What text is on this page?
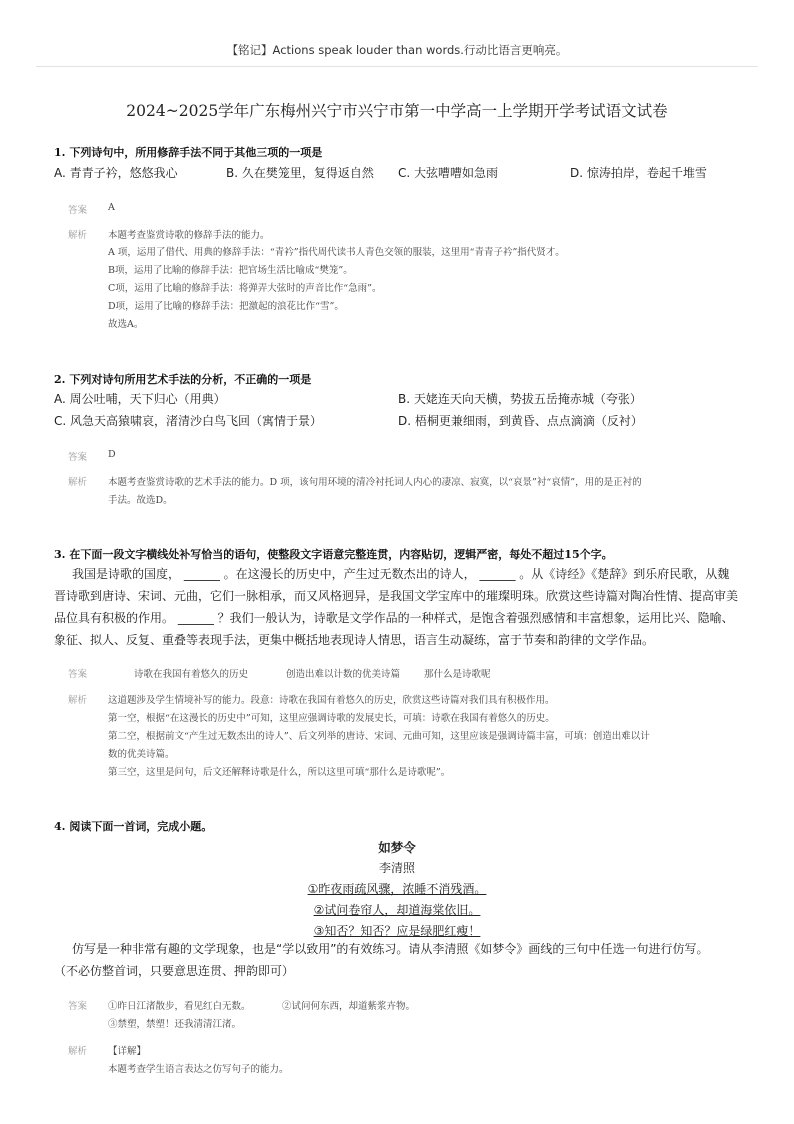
【铭记】Actions speak louder than words.行动比语言更响亮。
2024~2025学年广东梅州兴宁市兴宁市第一中学高一上学期开学考试语文试卷
1. 下列诗句中，所用修辞手法不同于其他三项的一项是
A. 青青子衿，悠悠我心	B. 久在樊笼里，复得返自然 C. 大弦嘈嘈如急雨	D. 惊涛拍岸，卷起千堆雪
答案 A
解析 本题考查鉴赏诗歌的修辞手法的能力。
A 项，运用了借代、用典的修辞手法：“青衿”指代周代读书人青色交领的服装，这里用“青青子衿”指代贤才。
B项，运用了比喻的修辞手法：把官场生活比喻成“樊笼”。
C项，运用了比喻的修辞手法：将弹弄大弦时的声音比作“急雨”。
D项，运用了比喻的修辞手法：把激起的浪花比作“雪”。
故选A。
2. 下列对诗句所用艺术手法的分析，不正确的一项是
A. 周公吐哺，天下归心（用典）	B. 天姥连天向天横，势拔五岳掩赤城（夸张）
C. 风急天高猿啸哀，渚清沙白鸟飞回（寓情于景）	D. 梧桐更兼细雨，到黄昏、点点滴滴（反衬）
答案 D
解析 本题考查鉴赏诗歌的艺术手法的能力。D 项，该句用环境的清冷衬托词人内心的凄凉、寂寞，以“哀景”衬“哀情”，用的是正衬的
手法。故选D。
3. 在下面一段文字横线处补写恰当的语句，使整段文字语意完整连贯，内容贴切，逻辑严密，每处不超过15个字。
我国是诗歌的国度， ______ 。在这漫长的历史中，产生过无数杰出的诗人， ______ 。从《诗经》《楚辞》到乐府民歌，从魏
晋诗歌到唐诗、宋词、元曲，它们一脉相承，而又风格迥异，是我国文学宝库中的璀璨明珠。欣赏这些诗篇对陶冶性情、提高审美
品位具有积极的作用。 ______ ？我们一般认为，诗歌是文学作品的一种样式，是饱含着强烈感情和丰富想象，运用比兴、隐喻、
象征、拟人、反复、重叠等表现手法，更集中概括地表现诗人情思，语言生动凝练，富于节奏和韵律的文学作品。
答案	诗歌在我国有着悠久的历史	创造出难以计数的优美诗篇	那什么是诗歌呢
解析 这道题涉及学生情境补写的能力。段意：诗歌在我国有着悠久的历史，欣赏这些诗篇对我们具有积极作用。
第一空，根据“在这漫长的历史中”可知，这里应强调诗歌的发展史长，可填：诗歌在我国有着悠久的历史。
第二空，根据前文“产生过无数杰出的诗人”、后文列举的唐诗、宋词、元曲可知，这里应该是强调诗篇丰富，可填：创造出难以计
数的优美诗篇。
第三空，这里是问句，后文还解释诗歌是什么，所以这里可填“那什么是诗歌呢”。
4. 阅读下面一首词，完成小题。
如梦令
李清照
①昨夜雨疏风骤，浓睡不消残酒。
②试问卷帘人，却道海棠依旧。
③知否？知否？应是绿肥红瘦！
仿写是一种非常有趣的文学现象，也是“学以致用”的有效练习。请从李清照《如梦令》画线的三句中任选一句进行仿写。
（不必仿整首词，只要意思连贯、押韵即可）
答案 ①昨日江渚散步，看见红白无数。	②试问何东西，却道紫浆卉物。
③禁塑，禁塑！还我清清江渚。
解析 【详解】
本题考查学生语言表达之仿写句子的能力。
